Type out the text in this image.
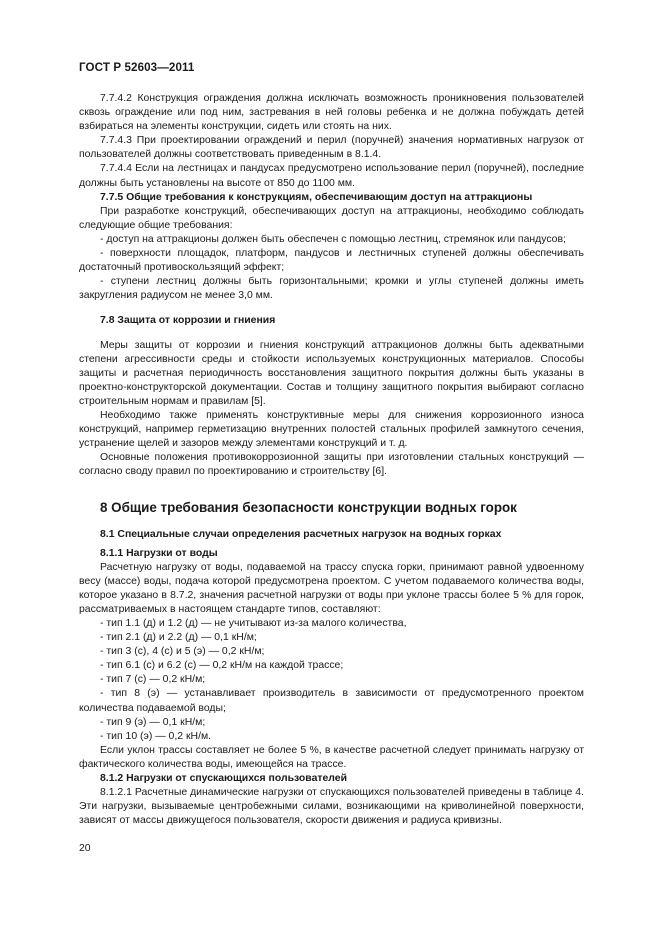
ГОСТ Р 52603—2011

7.7.4.2 Конструкция ограждения должна исключать возможность проникновения пользователей сквозь ограждение или под ним, застревания в ней головы ребенка и не должна побуждать детей взбираться на элементы конструкции, сидеть или стоять на них.

7.7.4.3 При проектировании ограждений и перил (поручней) значения нормативных нагрузок от пользователей должны соответствовать приведенным в 8.1.4.

7.7.4.4 Если на лестницах и пандусах предусмотрено использование перил (поручней), последние должны быть установлены на высоте от 850 до 1100 мм.

7.7.5 Общие требования к конструкциям, обеспечивающим доступ на аттракционы

При разработке конструкций, обеспечивающих доступ на аттракционы, необходимо соблюдать следующие общие требования:

- доступ на аттракционы должен быть обеспечен с помощью лестниц, стремянок или пандусов;

- поверхности площадок, платформ, пандусов и лестничных ступеней должны обеспечивать достаточный противоскользящий эффект;

- ступени лестниц должны быть горизонтальными; кромки и углы ступеней должны иметь закругления радиусом не менее 3,0 мм.

7.8 Защита от коррозии и гниения

Меры защиты от коррозии и гниения конструкций аттракционов должны быть адекватными степени агрессивности среды и стойкости используемых конструкционных материалов. Способы защиты и расчетная периодичность восстановления защитного покрытия должны быть указаны в проектно-конструкторской документации. Состав и толщину защитного покрытия выбирают согласно строительным нормам и правилам [5].

Необходимо также применять конструктивные меры для снижения коррозионного износа конструкций, например герметизацию внутренних полостей стальных профилей замкнутого сечения, устранение щелей и зазоров между элементами конструкций и т. д.

Основные положения противокоррозионной защиты при изготовлении стальных конструкций — согласно своду правил по проектированию и строительству [6].

8 Общие требования безопасности конструкции водных горок

8.1 Специальные случаи определения расчетных нагрузок на водных горках

8.1.1 Нагрузки от воды

Расчетную нагрузку от воды, подаваемой на трассу спуска горки, принимают равной удвоенному весу (массе) воды, подача которой предусмотрена проектом. С учетом подаваемого количества воды, которое указано в 8.7.2, значения расчетной нагрузки от воды при уклоне трассы более 5 % для горок, рассматриваемых в настоящем стандарте типов, составляют:

- тип 1.1 (д) и 1.2 (д) — не учитывают из-за малого количества,

- тип 2.1 (д) и 2.2 (д) — 0,1 кН/м;

- тип 3 (с), 4 (с) и 5 (э) — 0,2 кН/м;

- тип 6.1 (с) и 6.2 (с) — 0,2 кН/м на каждой трассе;

- тип 7 (с) — 0,2 кН/м;

- тип 8 (э) — устанавливает производитель в зависимости от предусмотренного проектом количества подаваемой воды;

- тип 9 (э) — 0,1 кН/м;

- тип 10 (э) — 0,2 кН/м.

Если уклон трассы составляет не более 5 %, в качестве расчетной следует принимать нагрузку от фактического количества воды, имеющейся на трассе.

8.1.2 Нагрузки от спускающихся пользователей

8.1.2.1 Расчетные динамические нагрузки от спускающихся пользователей приведены в таблице 4. Эти нагрузки, вызываемые центробежными силами, возникающими на криволинейной поверхности, зависят от массы движущегося пользователя, скорости движения и радиуса кривизны.

20
